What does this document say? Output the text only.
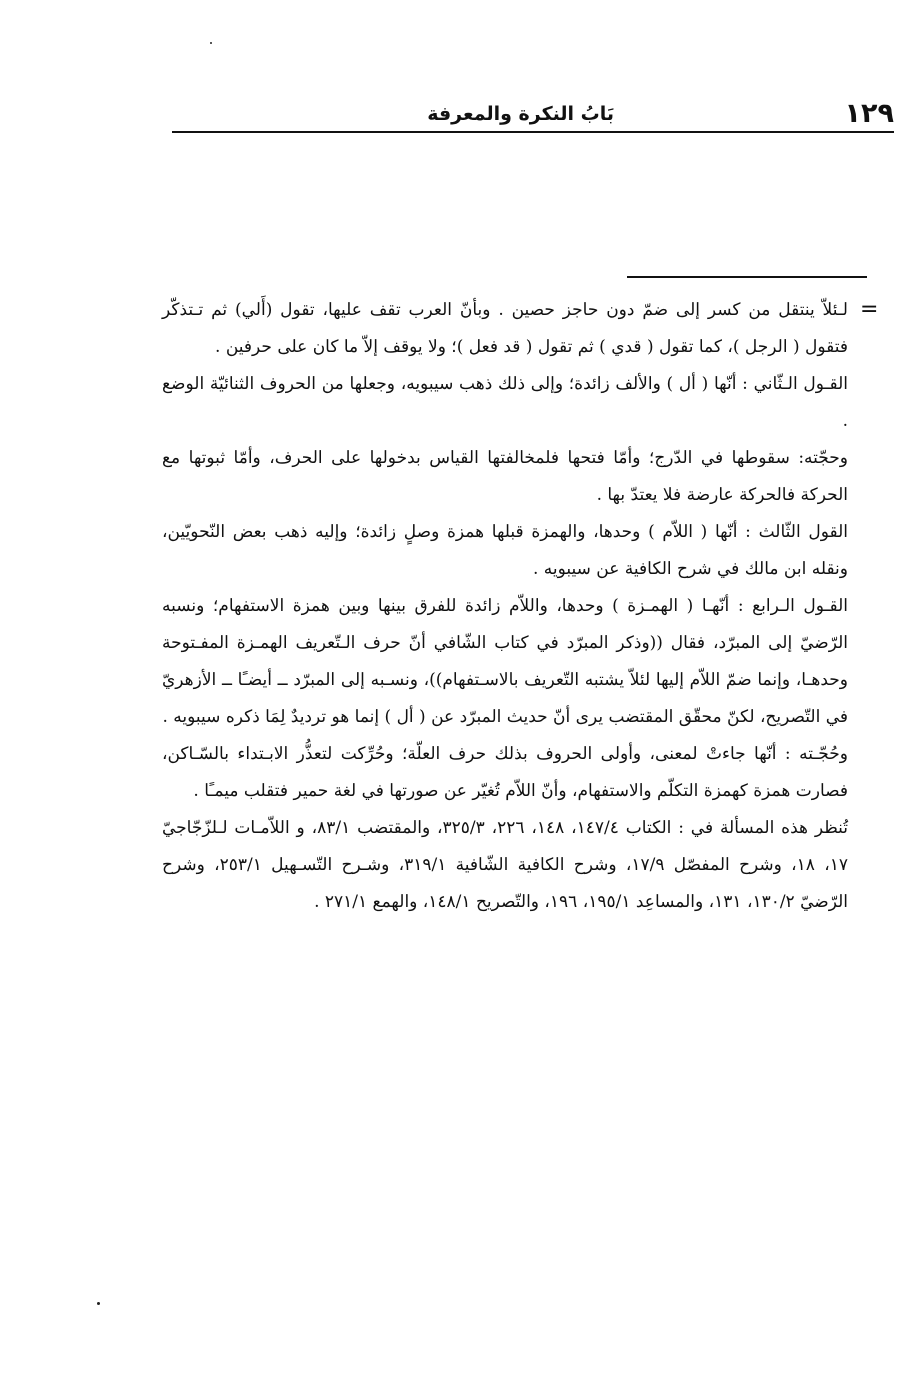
١٢٩
بَابُ النكرة والمعرفة
=

لـئلاّ ينتقل من كسر إلى ضمّ دون حاجز حصين . وبأنّ العرب تقف عليها، تقول (أَلي) ثم تـتذكّر فتقول ( الرجل )، كما تقول ( قدي ) ثم تقول ( قد فعل )؛ ولا يوقف إلاّ ما كان على حرفين .

القـول الـثّاني : أنّها ( أل ) والألف زائدة؛ وإلى ذلك ذهب سيبويه، وجعلها من الحروف الثنائيّة الوضع .

وحجّته: سقوطها في الدّرج؛ وأمّا فتحها فلمخالفتها القياس بدخولها على الحرف، وأمّا ثبوتها مع الحركة فالحركة عارضة فلا يعتدّ بها .

القول الثّالث : أنّها ( اللاّم ) وحدها، والهمزة قبلها همزة وصلٍ زائدة؛ وإليه ذهب بعض النّحويّين، ونقله ابن مالك في شرح الكافية عن سيبويه .

القـول الـرابع : أنّهـا ( الهمـزة ) وحدها، واللاّم زائدة للفرق بينها وبين همزة الاستفهام؛ ونسبه الرّضيّ إلى المبرّد، فقال ((وذكر المبرّد في كتاب الشّافي أنّ حرف الـتّعريف الهمـزة المفـتوحة وحدهـا، وإنما ضمّ اللاّم إليها لئلاّ يشتبه التّعريف بالاسـتفهام))، ونسـبه إلى المبرّد ــ أيضـًا ــ الأزهريّ في التّصريح، لكنّ محقّق المقتضب يرى أنّ حديث المبرّد عن ( أل ) إنما هو ترديدٌ لِمَا ذكره سيبويه .

وحُجّـته : أنّها جاءتْ لمعنى، وأولى الحروف بذلك حرف العلّة؛ وحُرِّكت لتعذُّر الابـتداء بالسّـاكن، فصارت همزة كهمزة التكلّم والاستفهام، وأنّ اللاّم تُغيّر عن صورتها في لغة حمير فتقلب ميمـًا .

تُنظر هذه المسألة في : الكتاب ١٤٧/٤، ١٤٨، ٢٢٦، ٣٢٥/٣، والمقتضب ٨٣/١، و اللاّمـات لـلزّجّاجيّ ١٧، ١٨، وشرح المفصّل ١٧/٩، وشرح الكافية الشّافية ٣١٩/١، وشـرح التّسـهيل ٢٥٣/١، وشرح الرّضيّ ١٣٠/٢، ١٣١، والمساعِد ١٩٥/١، ١٩٦، والتّصريح ١٤٨/١، والهمع ٢٧١/١ .
